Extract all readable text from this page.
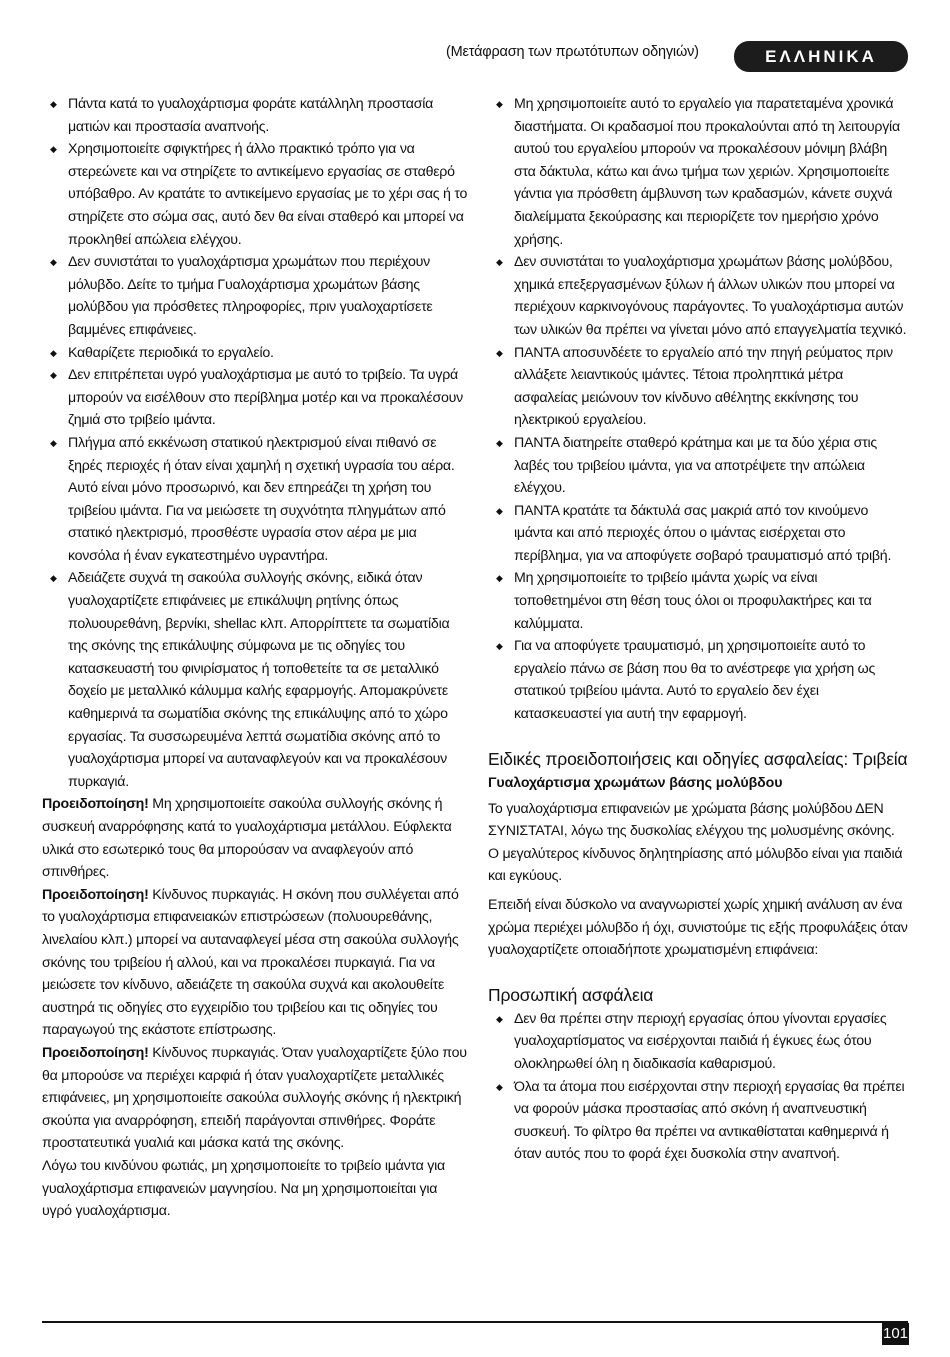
(Μετάφραση των πρωτότυπων οδηγιών)	ΕΛΛΗΝΙΚΑ
◆ Πάντα κατά το γυαλοχάρτισμα φοράτε κατάλληλη προστασία ματιών και προστασία αναπνοής.
◆ Χρησιμοποιείτε σφιγκτήρες ή άλλο πρακτικό τρόπο για να στερεώνετε και να στηρίζετε το αντικείμενο εργασίας σε σταθερό υπόβαθρο. Αν κρατάτε το αντικείμενο εργασίας με το χέρι σας ή το στηρίζετε στο σώμα σας, αυτό δεν θα είναι σταθερό και μπορεί να προκληθεί απώλεια ελέγχου.
◆ Δεν συνιστάται το γυαλοχάρτισμα χρωμάτων που περιέχουν μόλυβδο. Δείτε το τμήμα Γυαλοχάρτισμα χρωμάτων βάσης μολύβδου για πρόσθετες πληροφορίες, πριν γυαλοχαρτίσετε βαμμένες επιφάνειες.
◆ Καθαρίζετε περιοδικά το εργαλείο.
◆ Δεν επιτρέπεται υγρό γυαλοχάρτισμα με αυτό το τριβείο. Τα υγρά μπορούν να εισέλθουν στο περίβλημα μοτέρ και να προκαλέσουν ζημιά στο τριβείο ιμάντα.
◆ Πλήγμα από εκκένωση στατικού ηλεκτρισμού είναι πιθανό σε ξηρές περιοχές ή όταν είναι χαμηλή η σχετική υγρασία του αέρα. Αυτό είναι μόνο προσωρινό, και δεν επηρεάζει τη χρήση του τριβείου ιμάντα. Για να μειώσετε τη συχνότητα πληγμάτων από στατικό ηλεκτρισμό, προσθέστε υγρασία στον αέρα με μια κονσόλα ή έναν εγκατεστημένο υγραντήρα.
◆ Αδειάζετε συχνά τη σακούλα συλλογής σκόνης, ειδικά όταν γυαλοχαρτίζετε επιφάνειες με επικάλυψη ρητίνης όπως πολυουρεθάνη, βερνίκι, shellac κλπ. Απορρίπτετε τα σωματίδια της σκόνης της επικάλυψης σύμφωνα με τις οδηγίες του κατασκευαστή του φινιρίσματος ή τοποθετείτε τα σε μεταλλικό δοχείο με μεταλλικό κάλυμμα καλής εφαρμογής. Απομακρύνετε καθημερινά τα σωματίδια σκόνης της επικάλυψης από το χώρο εργασίας. Τα συσσωρευμένα λεπτά σωματίδια σκόνης από το γυαλοχάρτισμα μπορεί να αυταναφλεγούν και να προκαλέσουν πυρκαγιά.

Προειδοποίηση! Μη χρησιμοποιείτε σακούλα συλλογής σκόνης ή συσκευή αναρρόφησης κατά το γυαλοχάρτισμα μετάλλου. Εύφλεκτα υλικά στο εσωτερικό τους θα μπορούσαν να αναφλεγούν από σπινθήρες.

Προειδοποίηση! Κίνδυνος πυρκαγιάς. Η σκόνη που συλλέγεται από το γυαλοχάρτισμα επιφανειακών επιστρώσεων (πολυουρεθάνης, λινελαίου κλπ.) μπορεί να αυταναφλεγεί μέσα στη σακούλα συλλογής σκόνης του τριβείου ή αλλού, και να προκαλέσει πυρκαγιά. Για να μειώσετε τον κίνδυνο, αδειάζετε τη σακούλα συχνά και ακολουθείτε αυστηρά τις οδηγίες στο εγχειρίδιο του τριβείου και τις οδηγίες του παραγωγού της εκάστοτε επίστρωσης.

Προειδοποίηση! Κίνδυνος πυρκαγιάς. Όταν γυαλοχαρτίζετε ξύλο που θα μπορούσε να περιέχει καρφιά ή όταν γυαλοχαρτίζετε μεταλλικές επιφάνειες, μη χρησιμοποιείτε σακούλα συλλογής σκόνης ή ηλεκτρική σκούπα για αναρρόφηση, επειδή παράγονται σπινθήρες. Φοράτε προστατευτικά γυαλιά και μάσκα κατά της σκόνης.

Λόγω του κινδύνου φωτιάς, μη χρησιμοποιείτε το τριβείο ιμάντα για γυαλοχάρτισμα επιφανειών μαγνησίου. Να μη χρησιμοποιείται για υγρό γυαλοχάρτισμα.

◆ Μη χρησιμοποιείτε αυτό το εργαλείο για παρατεταμένα χρονικά διαστήματα. Οι κραδασμοί που προκαλούνται από τη λειτουργία αυτού του εργαλείου μπορούν να προκαλέσουν μόνιμη βλάβη στα δάκτυλα, κάτω και άνω τμήμα των χεριών. Χρησιμοποιείτε γάντια για πρόσθετη άμβλυνση των κραδασμών, κάνετε συχνά διαλείμματα ξεκούρασης και περιορίζετε τον ημερήσιο χρόνο χρήσης.
◆ Δεν συνιστάται το γυαλοχάρτισμα χρωμάτων βάσης μολύβδου, χημικά επεξεργασμένων ξύλων ή άλλων υλικών που μπορεί να περιέχουν καρκινογόνους παράγοντες. Το γυαλοχάρτισμα αυτών των υλικών θα πρέπει να γίνεται μόνο από επαγγελματία τεχνικό.
◆ ΠΑΝΤΑ αποσυνδέετε το εργαλείο από την πηγή ρεύματος πριν αλλάξετε λειαντικούς ιμάντες. Τέτοια προληπτικά μέτρα ασφαλείας μειώνουν τον κίνδυνο αθέλητης εκκίνησης του ηλεκτρικού εργαλείου.
◆ ΠΑΝΤΑ διατηρείτε σταθερό κράτημα και με τα δύο χέρια στις λαβές του τριβείου ιμάντα, για να αποτρέψετε την απώλεια ελέγχου.
◆ ΠΑΝΤΑ κρατάτε τα δάκτυλά σας μακριά από τον κινούμενο ιμάντα και από περιοχές όπου ο ιμάντας εισέρχεται στο περίβλημα, για να αποφύγετε σοβαρό τραυματισμό από τριβή.
◆ Μη χρησιμοποιείτε το τριβείο ιμάντα χωρίς να είναι τοποθετημένοι στη θέση τους όλοι οι προφυλακτήρες και τα καλύμματα.
◆ Για να αποφύγετε τραυματισμό, μη χρησιμοποιείτε αυτό το εργαλείο πάνω σε βάση που θα το ανέστρεφε για χρήση ως στατικού τριβείου ιμάντα. Αυτό το εργαλείο δεν έχει κατασκευαστεί για αυτή την εφαρμογή.
Ειδικές προειδοποιήσεις και οδηγίες ασφαλείας: Τριβεία
Γυαλοχάρτισμα χρωμάτων βάσης μολύβδου

Το γυαλοχάρτισμα επιφανειών με χρώματα βάσης μολύβδου ΔΕΝ ΣΥΝΙΣΤΑΤΑΙ, λόγω της δυσκολίας ελέγχου της μολυσμένης σκόνης. Ο μεγαλύτερος κίνδυνος δηλητηρίασης από μόλυβδο είναι για παιδιά και εγκύους.

Επειδή είναι δύσκολο να αναγνωριστεί χωρίς χημική ανάλυση αν ένα χρώμα περιέχει μόλυβδο ή όχι, συνιστούμε τις εξής προφυλάξεις όταν γυαλοχαρτίζετε οποιαδήποτε χρωματισμένη επιφάνεια:

Προσωπική ασφάλεια
◆ Δεν θα πρέπει στην περιοχή εργασίας όπου γίνονται εργασίες γυαλοχαρτίσματος να εισέρχονται παιδιά ή έγκυες έως ότου ολοκληρωθεί όλη η διαδικασία καθαρισμού.
◆ Όλα τα άτομα που εισέρχονται στην περιοχή εργασίας θα πρέπει να φορούν μάσκα προστασίας από σκόνη ή αναπνευστική συσκευή. Το φίλτρο θα πρέπει να αντικαθίσταται καθημερινά ή όταν αυτός που το φορά έχει δυσκολία στην αναπνοή.
101
